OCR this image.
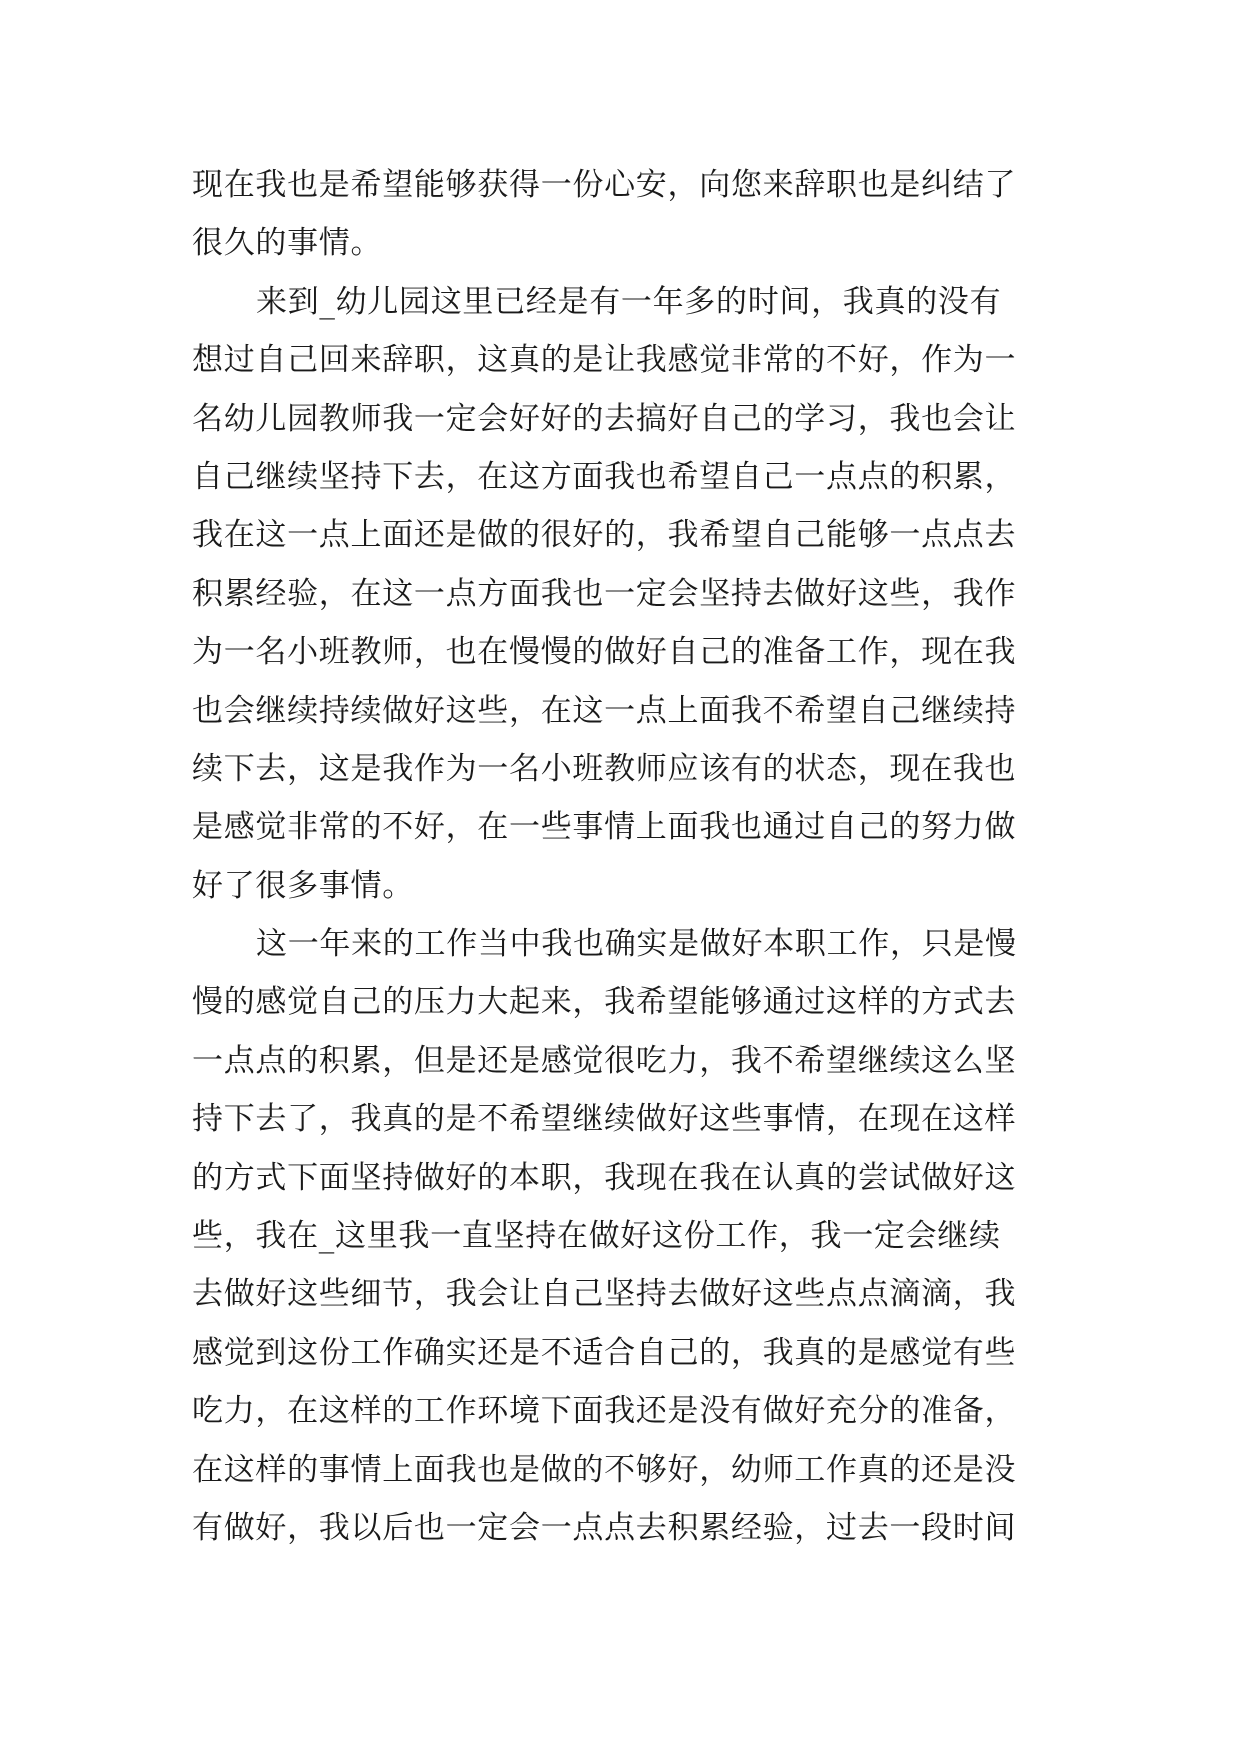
现在我也是希望能够获得一份心安，向您来辞职也是纠结了
很久的事情。
来到_幼儿园这里已经是有一年多的时间，我真的没有
想过自己回来辞职，这真的是让我感觉非常的不好，作为一
名幼儿园教师我一定会好好的去搞好自己的学习，我也会让
自己继续坚持下去，在这方面我也希望自己一点点的积累，
我在这一点上面还是做的很好的，我希望自己能够一点点去
积累经验，在这一点方面我也一定会坚持去做好这些，我作
为一名小班教师，也在慢慢的做好自己的准备工作，现在我
也会继续持续做好这些，在这一点上面我不希望自己继续持
续下去，这是我作为一名小班教师应该有的状态，现在我也
是感觉非常的不好，在一些事情上面我也通过自己的努力做
好了很多事情。
这一年来的工作当中我也确实是做好本职工作，只是慢
慢的感觉自己的压力大起来，我希望能够通过这样的方式去
一点点的积累，但是还是感觉很吃力，我不希望继续这么坚
持下去了，我真的是不希望继续做好这些事情，在现在这样
的方式下面坚持做好的本职，我现在我在认真的尝试做好这
些，我在_这里我一直坚持在做好这份工作，我一定会继续
去做好这些细节，我会让自己坚持去做好这些点点滴滴，我
感觉到这份工作确实还是不适合自己的，我真的是感觉有些
吃力，在这样的工作环境下面我还是没有做好充分的准备，
在这样的事情上面我也是做的不够好，幼师工作真的还是没
有做好，我以后也一定会一点点去积累经验，过去一段时间
